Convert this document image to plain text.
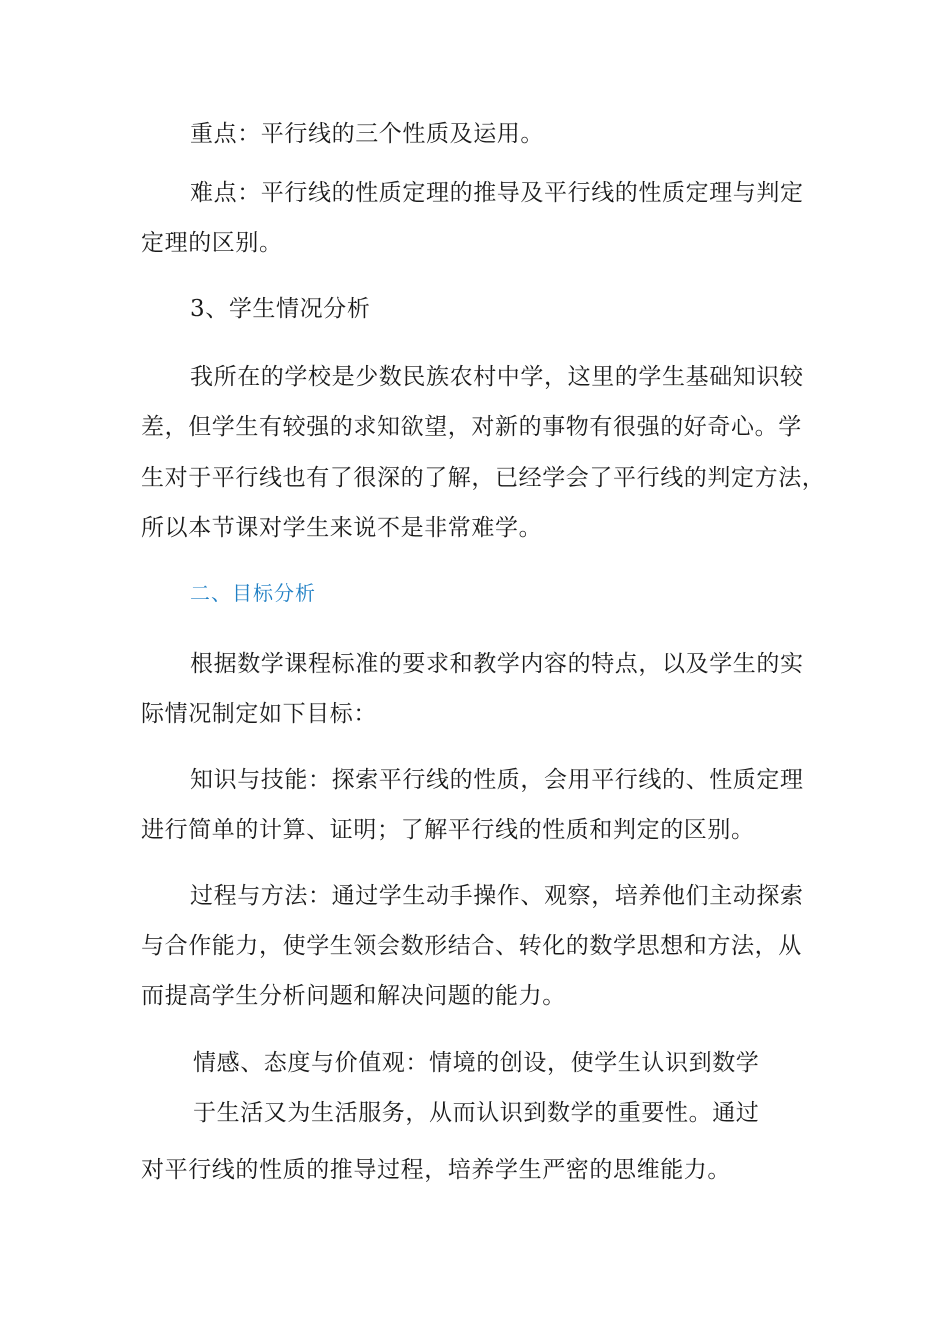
重点：平行线的三个性质及运用。
难点：平行线的性质定理的推导及平行线的性质定理与判定
定理的区别。
3、学生情况分析
我所在的学校是少数民族农村中学，这里的学生基础知识较
差，但学生有较强的求知欲望，对新的事物有很强的好奇心。学
生对于平行线也有了很深的了解，已经学会了平行线的判定方法，
所以本节课对学生来说不是非常难学。
二、目标分析
根据数学课程标准的要求和教学内容的特点，以及学生的实
际情况制定如下目标：
知识与技能：探索平行线的性质，会用平行线的、性质定理
进行简单的计算、证明；了解平行线的性质和判定的区别。
过程与方法：通过学生动手操作、观察，培养他们主动探索
与合作能力，使学生领会数形结合、转化的数学思想和方法，从
而提高学生分析问题和解决问题的能力。
情感、态度与价值观：情境的创设，使学生认识到数学
于生活又为生活服务，从而认识到数学的重要性。通过
对平行线的性质的推导过程，培养学生严密的思维能力。
